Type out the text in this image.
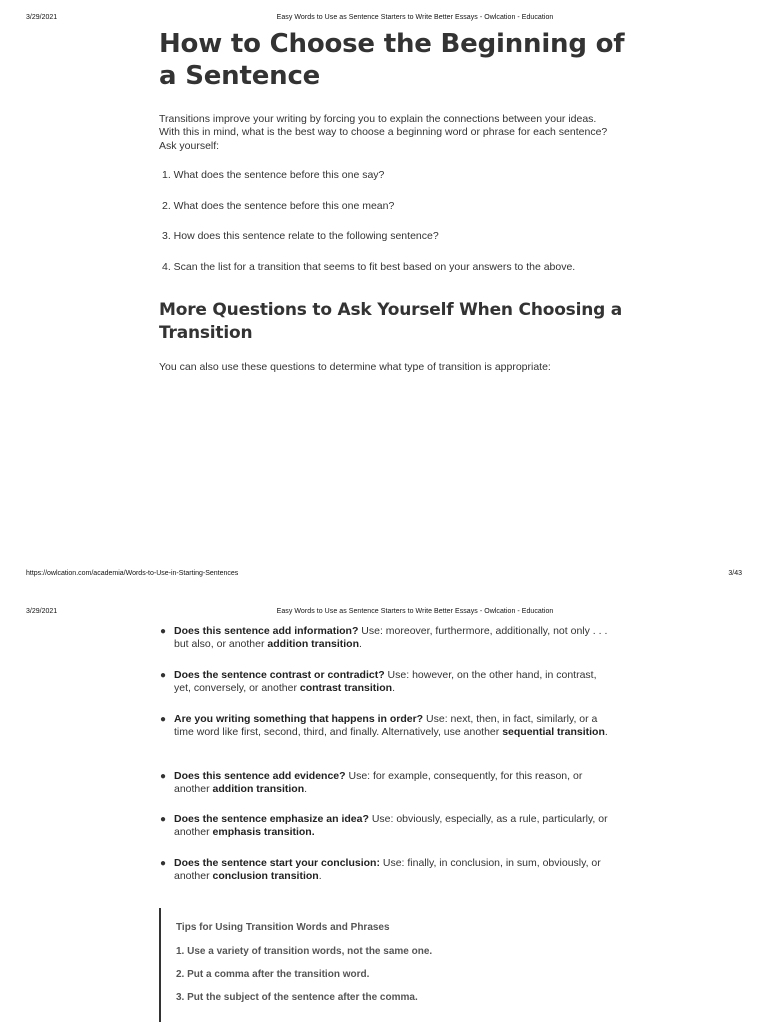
3/29/2021	Easy Words to Use as Sentence Starters to Write Better Essays - Owlcation - Education
How to Choose the Beginning of a Sentence

Transitions improve your writing by forcing you to explain the connections between your ideas. With this in mind, what is the best way to choose a beginning word or phrase for each sentence? Ask yourself:

1. What does the sentence before this one say?
2. What does the sentence before this one mean?
3. How does this sentence relate to the following sentence?
4. Scan the list for a transition that seems to fit best based on your answers to the above.
More Questions to Ask Yourself When Choosing a Transition

You can also use these questions to determine what type of transition is appropriate:

https://owlcation.com/academia/Words-to-Use-in-Starting-Sentences	3/43
3/29/2021	Easy Words to Use as Sentence Starters to Write Better Essays - Owlcation - Education
● Does this sentence add information? Use: moreover, furthermore, additionally, not only . . . but also, or another addition transition.
● Does the sentence contrast or contradict? Use: however, on the other hand, in contrast, yet, conversely, or another contrast transition.
● Are you writing something that happens in order? Use: next, then, in fact, similarly, or a time word like first, second, third, and finally. Alternatively, use another sequential transition.
● Does this sentence add evidence? Use: for example, consequently, for this reason, or another addition transition.
● Does the sentence emphasize an idea? Use: obviously, especially, as a rule, particularly, or another emphasis transition.
● Does the sentence start your conclusion: Use: finally, in conclusion, in sum, obviously, or another conclusion transition.
Tips for Using Transition Words and Phrases
1. Use a variety of transition words, not the same one.
2. Put a comma after the transition word.
3. Put the subject of the sentence after the comma.
